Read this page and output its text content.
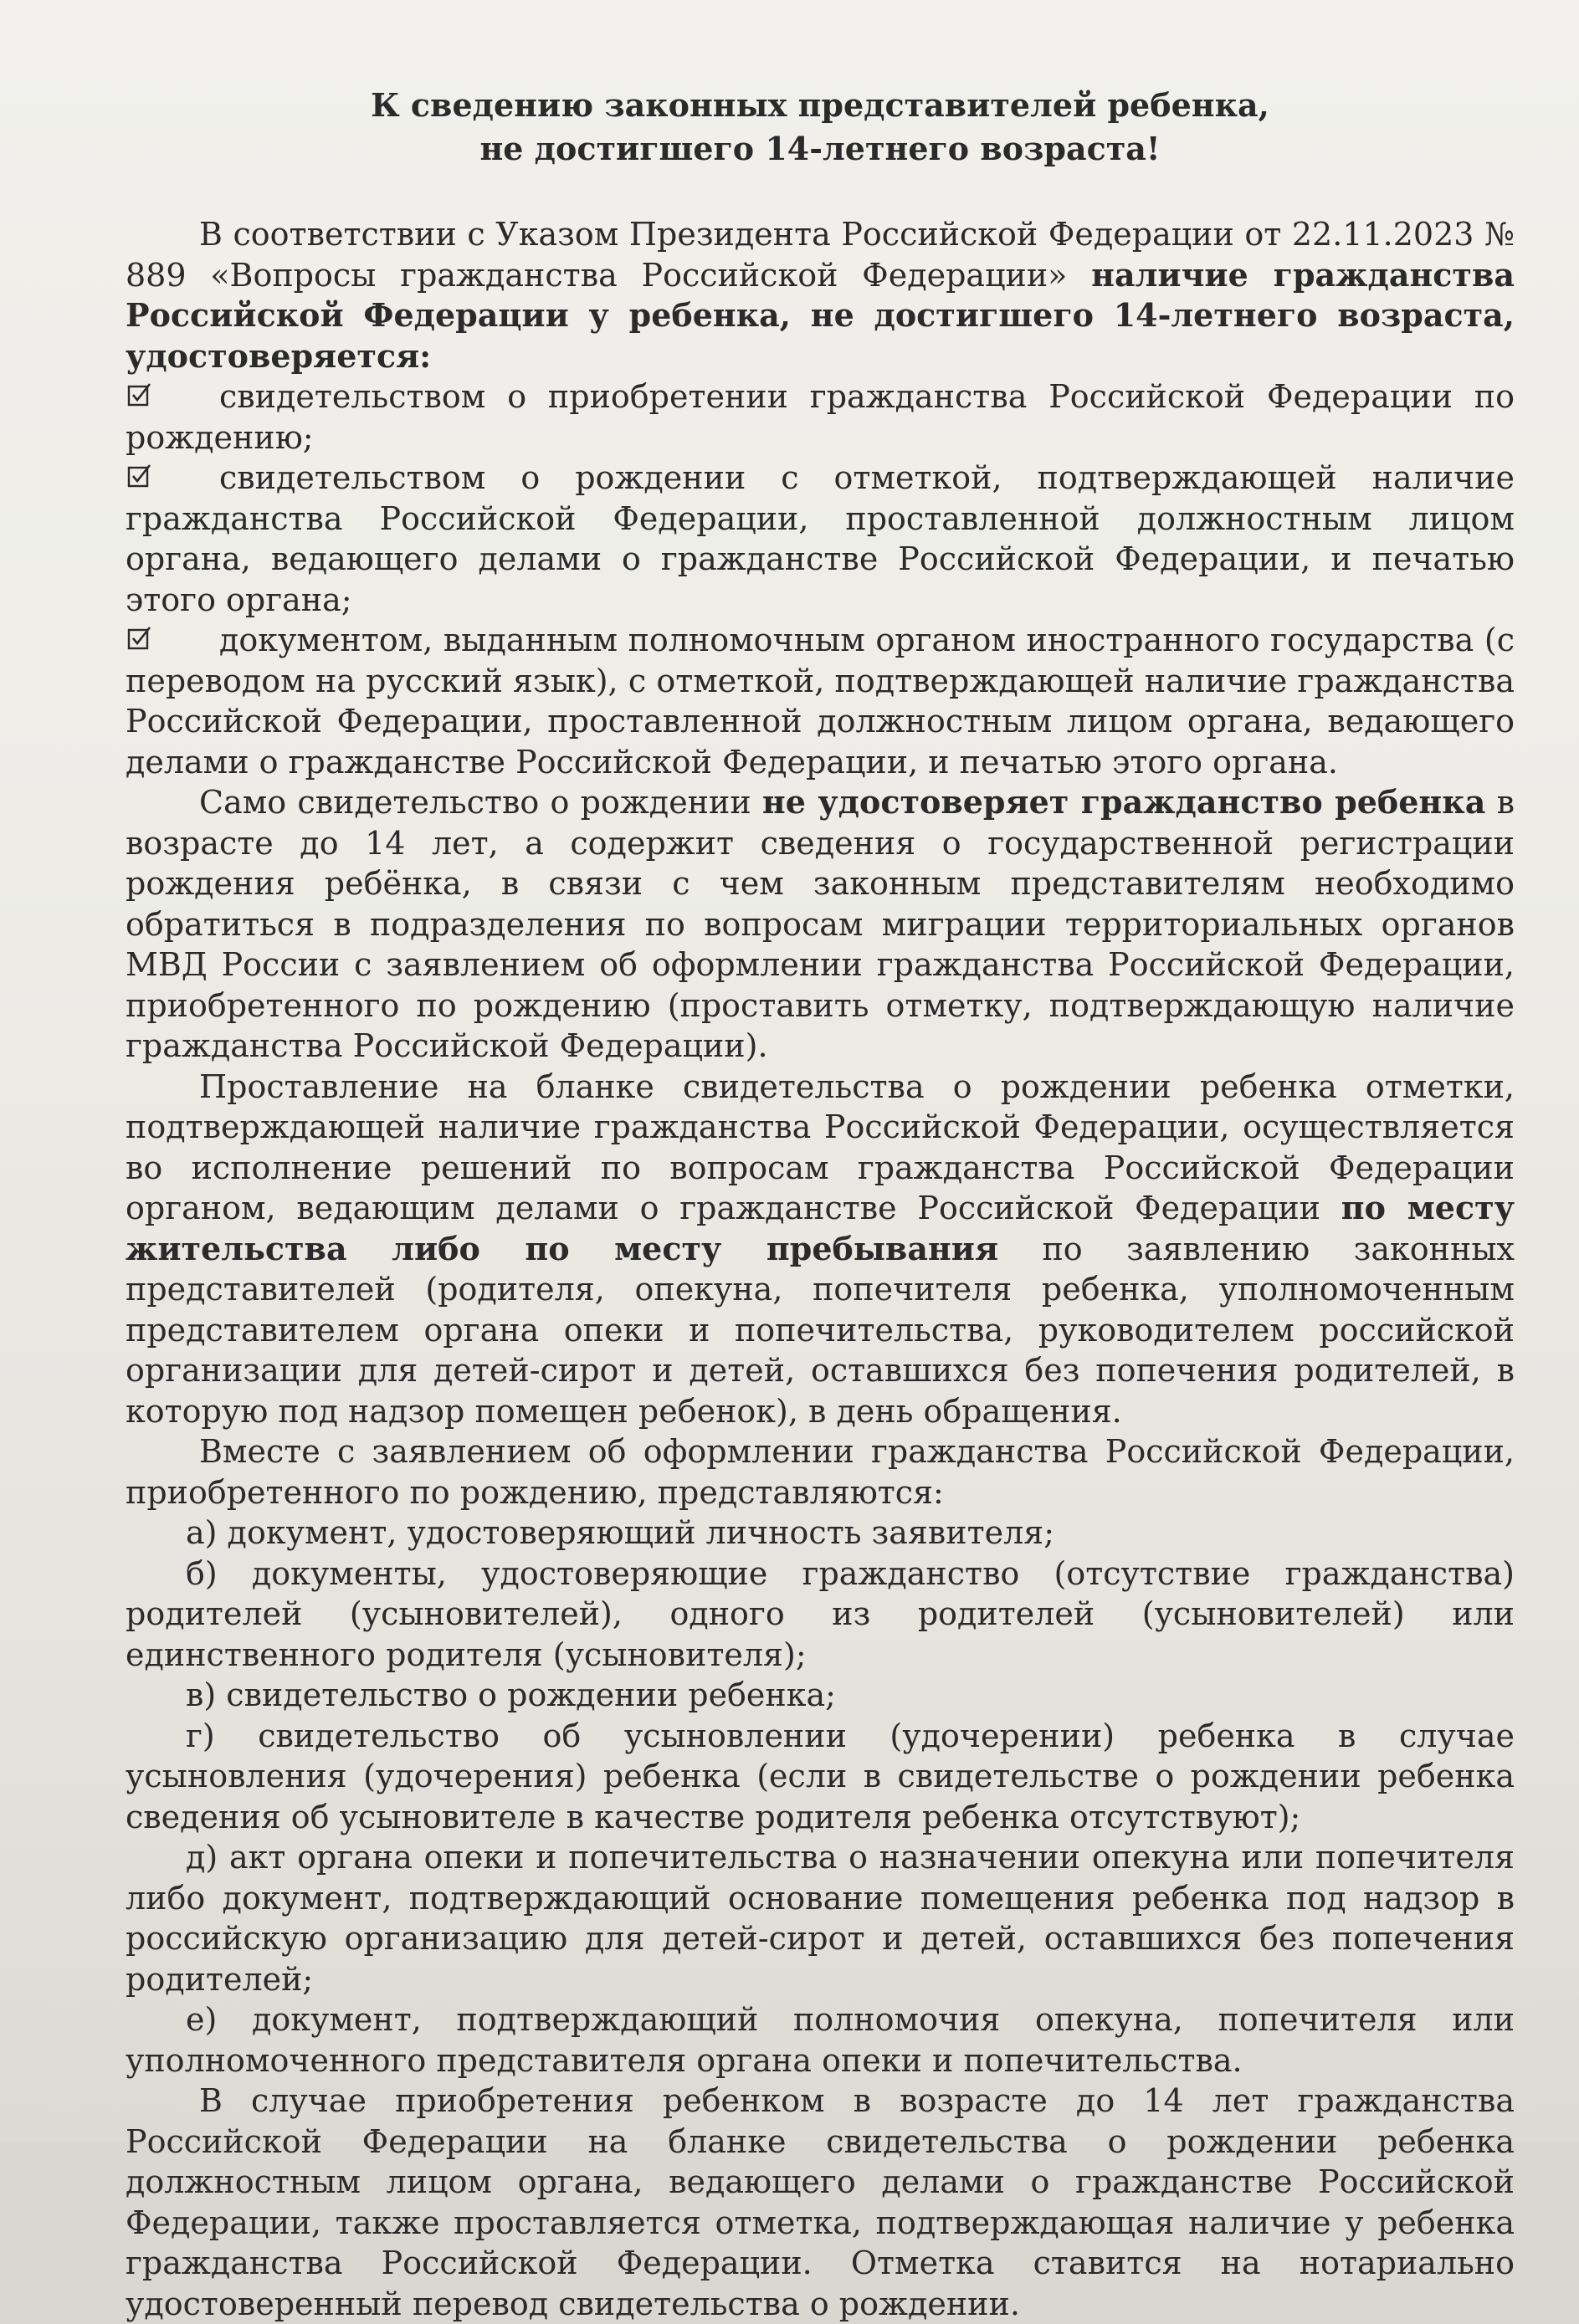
К сведению законных представителей ребенка,
не достигшего 14-летнего возраста!

В соответствии с Указом Президента Российской Федерации от 22.11.2023 № 889 «Вопросы гражданства Российской Федерации» наличие гражданства Российской Федерации у ребенка, не достигшего 14-летнего возраста, удостоверяется:

свидетельством о приобретении гражданства Российской Федерации по рождению;
свидетельством о рождении с отметкой, подтверждающей наличие гражданства Российской Федерации, проставленной должностным лицом органа, ведающего делами о гражданстве Российской Федерации, и печатью этого органа;
документом, выданным полномочным органом иностранного государства (с переводом на русский язык), с отметкой, подтверждающей наличие гражданства Российской Федерации, проставленной должностным лицом органа, ведающего делами о гражданстве Российской Федерации, и печатью этого органа.

Само свидетельство о рождении не удостоверяет гражданство ребенка в возрасте до 14 лет, а содержит сведения о государственной регистрации рождения ребёнка, в связи с чем законным представителям необходимо обратиться в подразделения по вопросам миграции территориальных органов МВД России с заявлением об оформлении гражданства Российской Федерации, приобретенного по рождению (проставить отметку, подтверждающую наличие гражданства Российской Федерации).

Проставление на бланке свидетельства о рождении ребенка отметки, подтверждающей наличие гражданства Российской Федерации, осуществляется во исполнение решений по вопросам гражданства Российской Федерации органом, ведающим делами о гражданстве Российской Федерации по месту жительства либо по месту пребывания по заявлению законных представителей (родителя, опекуна, попечителя ребенка, уполномоченным представителем органа опеки и попечительства, руководителем российской организации для детей-сирот и детей, оставшихся без попечения родителей, в которую под надзор помещен ребенок), в день обращения.

Вместе с заявлением об оформлении гражданства Российской Федерации, приобретенного по рождению, представляются:

а) документ, удостоверяющий личность заявителя;

б) документы, удостоверяющие гражданство (отсутствие гражданства) родителей (усыновителей), одного из родителей (усыновителей) или единственного родителя (усыновителя);

в) свидетельство о рождении ребенка;

г) свидетельство об усыновлении (удочерении) ребенка в случае усыновления (удочерения) ребенка (если в свидетельстве о рождении ребенка сведения об усыновителе в качестве родителя ребенка отсутствуют);

д) акт органа опеки и попечительства о назначении опекуна или попечителя либо документ, подтверждающий основание помещения ребенка под надзор в российскую организацию для детей-сирот и детей, оставшихся без попечения родителей;

е) документ, подтверждающий полномочия опекуна, попечителя или уполномоченного представителя органа опеки и попечительства.

В случае приобретения ребенком в возрасте до 14 лет гражданства Российской Федерации на бланке свидетельства о рождении ребенка должностным лицом органа, ведающего делами о гражданстве Российской Федерации, также проставляется отметка, подтверждающая наличие у ребенка гражданства Российской Федерации. Отметка ставится на нотариально удостоверенный перевод свидетельства о рождении.
